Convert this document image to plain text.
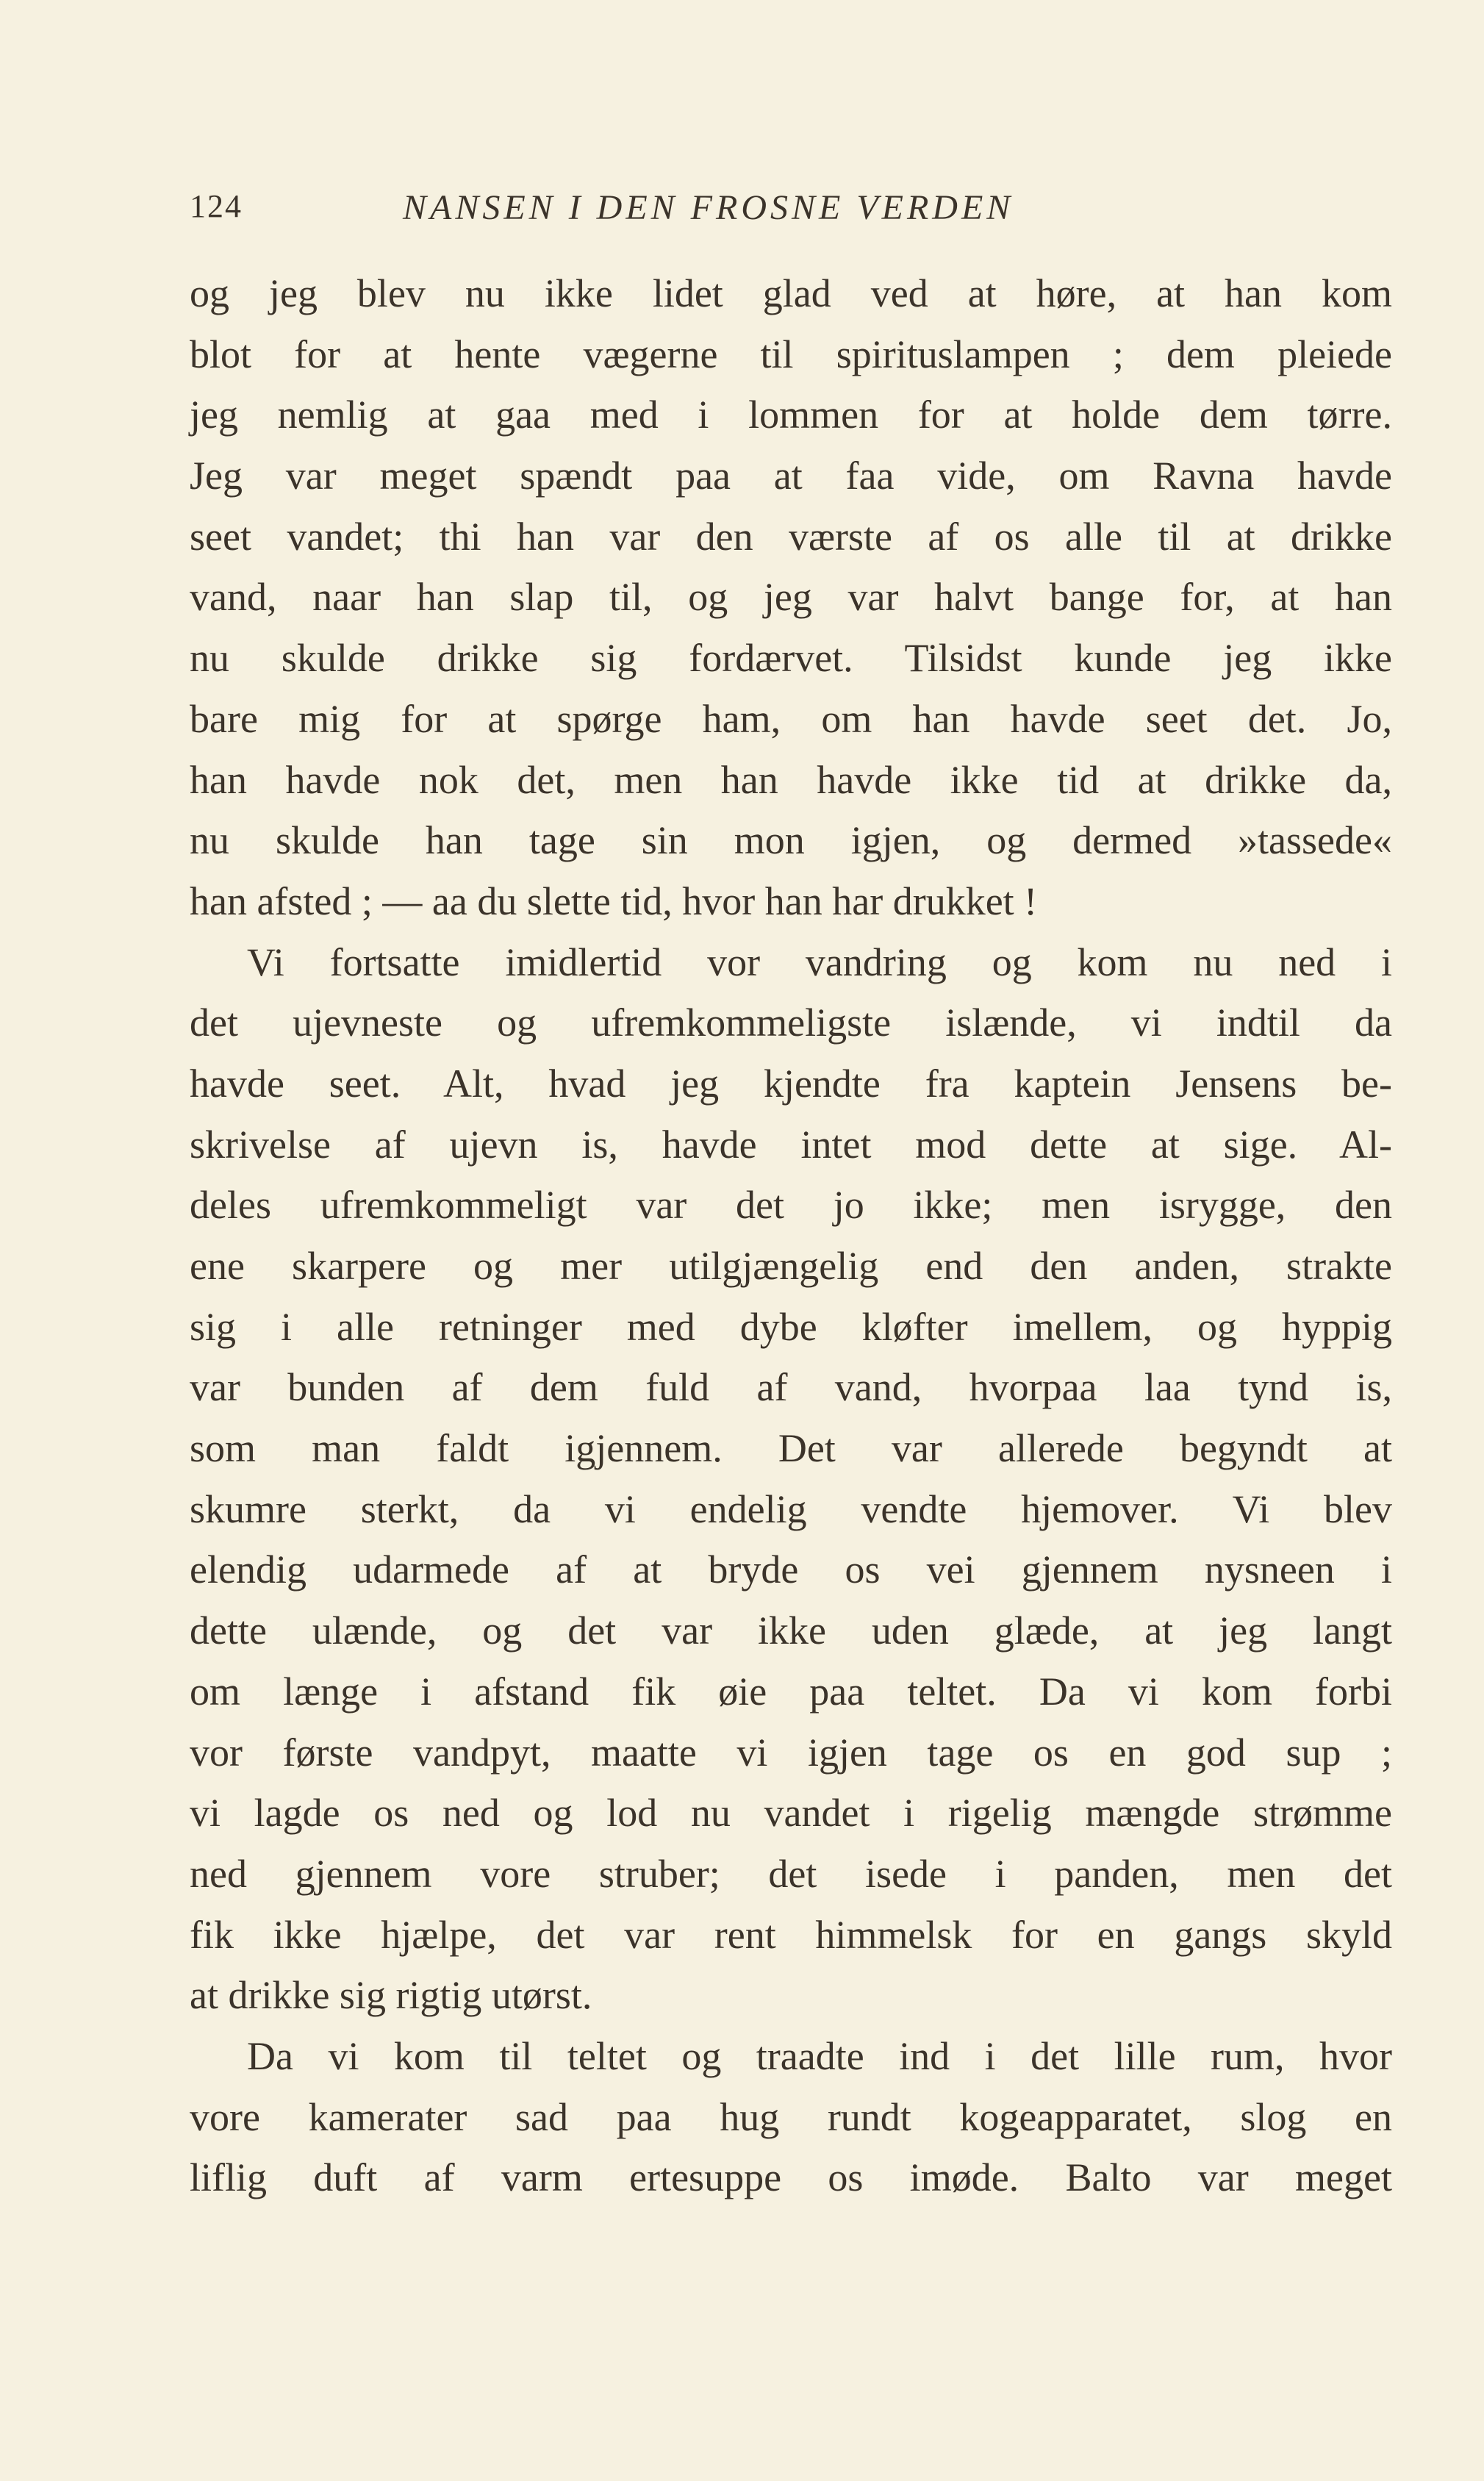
124	NANSEN I DEN FROSNE VERDEN
og jeg blev nu ikke lidet glad ved at høre, at han kom
blot for at hente vægerne til spirituslampen ; dem pleiede
jeg nemlig at gaa med i lommen for at holde dem tørre.
Jeg var meget spændt paa at faa vide, om Ravna havde
seet vandet; thi han var den værste af os alle til at drikke
vand, naar han slap til, og jeg var halvt bange for, at han
nu skulde drikke sig fordærvet. Tilsidst kunde jeg ikke
bare mig for at spørge ham, om han havde seet det. Jo,
han havde nok det, men han havde ikke tid at drikke da,
nu skulde han tage sin mon igjen, og dermed »tassede«
han afsted ; — aa du slette tid, hvor han har drukket !
Vi fortsatte imidlertid vor vandring og kom nu ned i
det ujevneste og ufremkommeligste islænde, vi indtil da
havde seet. Alt, hvad jeg kjendte fra kaptein Jensens be-
skrivelse af ujevn is, havde intet mod dette at sige. Al-
deles ufremkommeligt var det jo ikke; men isrygge, den
ene skarpere og mer utilgjængelig end den anden, strakte
sig i alle retninger med dybe kløfter imellem, og hyppig
var bunden af dem fuld af vand, hvorpaa laa tynd is,
som man faldt igjennem. Det var allerede begyndt at
skumre sterkt, da vi endelig vendte hjemover. Vi blev
elendig udarmede af at bryde os vei gjennem nysneen i
dette ulænde, og det var ikke uden glæde, at jeg langt
om længe i afstand fik øie paa teltet. Da vi kom forbi
vor første vandpyt, maatte vi igjen tage os en god sup ;
vi lagde os ned og lod nu vandet i rigelig mængde strømme
ned gjennem vore struber; det isede i panden, men det
fik ikke hjælpe, det var rent himmelsk for en gangs skyld
at drikke sig rigtig utørst.
Da vi kom til teltet og traadte ind i det lille rum, hvor
vore kamerater sad paa hug rundt kogeapparatet, slog en
liflig duft af varm ertesuppe os imøde. Balto var meget
